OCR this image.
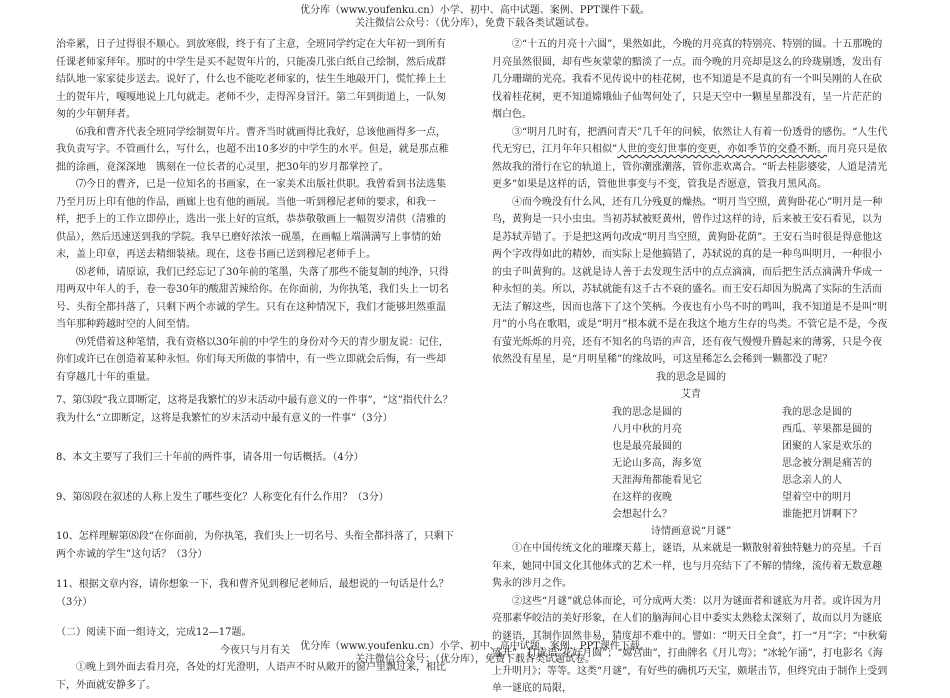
优分库（www.youfenku.cn）小学、初中、高中试题、案例、PPT课件下载。
关注微信公众号：（优分库），免费下载各类试题试卷。

治牵累，日子过得很不顺心。到放寒假，终于有了主意，全班同学约定在大年初一到所有任课老师家拜年。那时的中学生是买不起贺年片的，只能凑几张白纸自己绘制，然后成群结队地一家家徒步送去。说好了，什么也不能吃老师家的，怯生生地敲开门，慌忙捧上土土的贺年片，嘎嘎地说上几句就走。老师不少，走得浑身冒汗。第二年到街道上，一队匆匆的少年朝拜者。

⑹我和曹齐代表全班同学绘制贺年片。曹齐当时就画得比我好，总该他画得多一点，我负责写字。不管画什么，写什么，也超不出10多岁的中学生的水平。但是，就是那点稚拙的涂画，竟深深地　镌刻在一位长者的心灵里，把30年的岁月都掌控了。

⑺今日的曹齐，已是一位知名的书画家，在一家美术出版社供职。我曾看到书法选集乃至月历上印有他的作品，画廊上也有他的画展。当他一听到穆尼老师的要求，和我一样，把手上的工作立即停止，选出一张上好的宣纸，恭恭敬敬画上一幅贺岁清供（清雅的供品），然后迅速送到我的学院。我早已磨好浓浓一砚墨，在画幅上端满满写上事情的始末，盖上印章，再送去精细装裱。现在，这卷书画已送到穆尼老师手上。

⑻老师，请原谅，我们已经忘记了30年前的笔墨，失落了那些不能复制的纯净，只得用两双中年人的手，卷一卷30年的酸甜苦辣给你。在你面前，为你执笔，我们头上一切名号、头衔全都抖落了，只剩下两个赤诚的学生。只有在这种情况下，我们才能够坦然重温当年那种跨越时空的人间至情。

⑼凭借着这种笔情，我有资格以30年前的中学生的身份对今天的青少朋友说：记住，你们或许已在创造着某种永恒。你们每天所做的事情中，有一些立即就会后悔，有一些却有穿越几十年的重量。

7、第⑶段“我立即断定，这将是我繁忙的岁末活动中最有意义的一件事”，“这”指代什么？我为什么“立即断定，这将是我繁忙的岁末活动中最有意义的一件事”（3分）

8、本文主要写了我们三十年前的两件事，请各用一句话概括。（4分）

9、第⑻段在叙述的人称上发生了哪些变化？人称变化有什么作用？（3分）

10、怎样理解第⑻段“在你面前，为你执笔，我们头上一切名号、头衔全都抖落了，只剩下两个赤诚的学生”这句话？（3分）

11、根据文章内容，请你想象一下，我和曹齐见到穆尼老师后，最想说的一句话是什么？（3分）

（二）阅读下面一组诗文，完成12—17题。

今夜只与月有关

①晚上到外面去看月亮，各处的灯光澄明，人语声不时从敞开的窗户里飘过来，相比下，外面就安静多了。

②“十五的月亮十六圆”，果然如此，今晚的月亮真的特别亮、特别的圆。十五那晚的月亮虽然很圆，却有些灰蒙蒙的黯淡了一点。而今晚的月亮却是这么的玲珑剔透，发出有几分珊瑚的光亮。我看不见传说中的桂花树，也不知道是不是真的有一个叫吴刚的人在砍伐着桂花树，更不知道嫦娥仙子仙驾何处了，只是天空中一颗星星都没有，呈一片茫茫的烟白色。

③“明月几时有，把酒问青天”几千年的问候，依然让人有着一份透骨的感伤。“人生代代无穷已，江月年年只相似”人世的变幻世事的变更，亦如季节的交叠不断。而月亮只是依然故我的滑行在它的轨道上，管你潮涨潮落，管你悲欢离合。“昕去桂影婆娑，人道是清光更多”如果是这样的话，管他世事变与不变，管我是否愿意，管我月黑风高。

④而今晚没有什么风，还有几分残夏的燥热。“明月当空照，黄狗卧花心”明月是一种鸟，黄狗是一只小虫虫。当初苏轼被贬黄州，曾作过这样的诗，后来被王安石看见，以为是苏轼弄错了。于是把这两句改成“明月当空照，黄狗卧花荫”。王安石当时很是得意他这两个字改得如此的精妙，而实际上是他搞错了，苏轼说的真的是一种鸟叫明月，一种很小的虫子叫黄狗的。这就是诗人善于去发现生活中的点点滴滴，而后把生活点滴满升华成一种永恒的美。所以，苏轼就能有这千古不衰的盛名。而王安石却因为脱离了实际的生活而无法了解这些，因而也落下了这个笑柄。今夜也有小鸟不时的鸣叫，我不知道是不是叫“明月”的小鸟在歌唱，或是“明月”根本就不是在我这个地方生存的鸟类。不管它是不是，今夜有萤光烁烁的月亮，还有不知名的鸟语的声音，还有夜气慢慢升腾起来的薄雾，只是今夜依然没有星星，是“月明星稀”的缘故吗，可这星稀怎么会稀到一颗都没了呢？

我的思念是圆的

艾青

我的思念是圆的	我的思念是圆的
八月中秋的月亮	西瓜、苹果都是圆的
也是最亮最圆的	团聚的人家是欢乐的
无论山多高，海多宽	思念被分割是痛苦的
天涯海角都能看见它	思念亲人的人
在这样的夜晚	望着空中的明月
会想起什么？	谁能把月饼啊下？

诗情画意说“月谜”

①在中国传统文化的璀璨天幕上，谜语，从来就是一颗散射着独特魅力的亮星。千百年来，她同中国文化其他体式的艺术一样，也与月亮结下了不解的情缘，流传着无数意趣隽永的涉月之作。

②这些“月谜”就总体而论，可分成两大类：以月为谜面者和谜底为月者。或许因为月亮那素华皎洁的美好形象，在人们的脑海间心目中委实太熟稔太深刻了，故而以月为谜底的谜语，其制作固然非易，猜度却不难中的。譬如：“明天日全食”，打一“月”字；“中秋菊盛开”，打成语“花好月圆”；“嫦宫曲”，打曲牌名《月儿弯》；“冰轮乍涌”，打电影名《海上升明月》；等等。这类“月谜”，有好些的确机巧天宝，颇堪击节，但终究由于制作上受到单一谜底的局限，

优分库（www.youfenku.cn）小学、初中、高中试题、案例、PPT课件下载。
关注微信公众号：（优分库），免费下载各类试题试卷。
